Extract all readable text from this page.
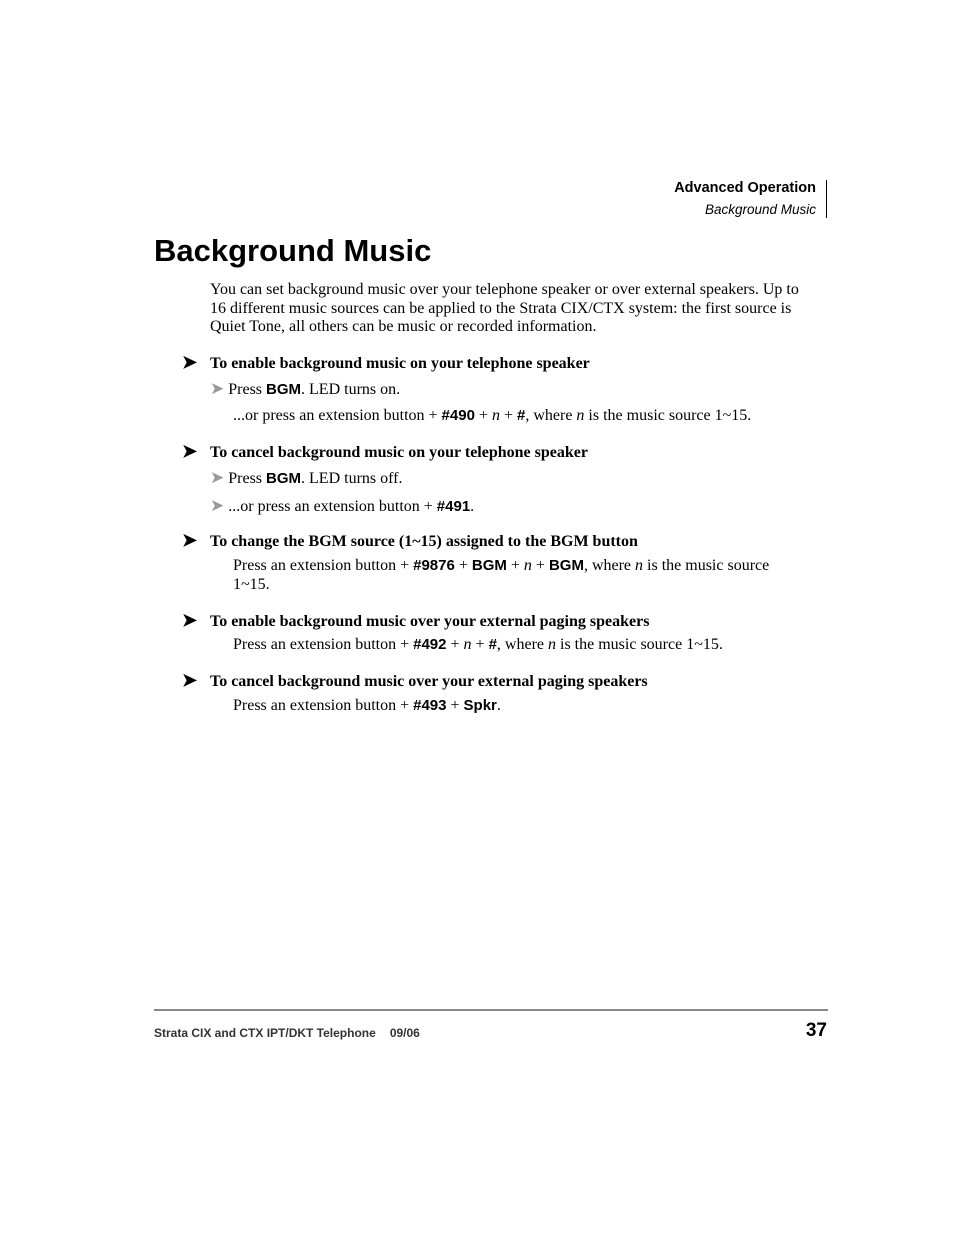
Advanced Operation
Background Music
Background Music

You can set background music over your telephone speaker or over external speakers. Up to 16 different music sources can be applied to the Strata CIX/CTX system: the first source is Quiet Tone, all others can be music or recorded information.

➤ To enable background music on your telephone speaker
➤ Press BGM. LED turns on.
...or press an extension button + #490 + n + #, where n is the music source 1~15.
➤ To cancel background music on your telephone speaker
➤ Press BGM. LED turns off.
➤ ...or press an extension button + #491.
➤ To change the BGM source (1~15) assigned to the BGM button
Press an extension button + #9876 + BGM + n + BGM, where n is the music source 1~15.
➤ To enable background music over your external paging speakers
Press an extension button + #492 + n + #, where n is the music source 1~15.
➤ To cancel background music over your external paging speakers
Press an extension button + #493 + Spkr.
Strata CIX and CTX IPT/DKT Telephone 09/06	37
